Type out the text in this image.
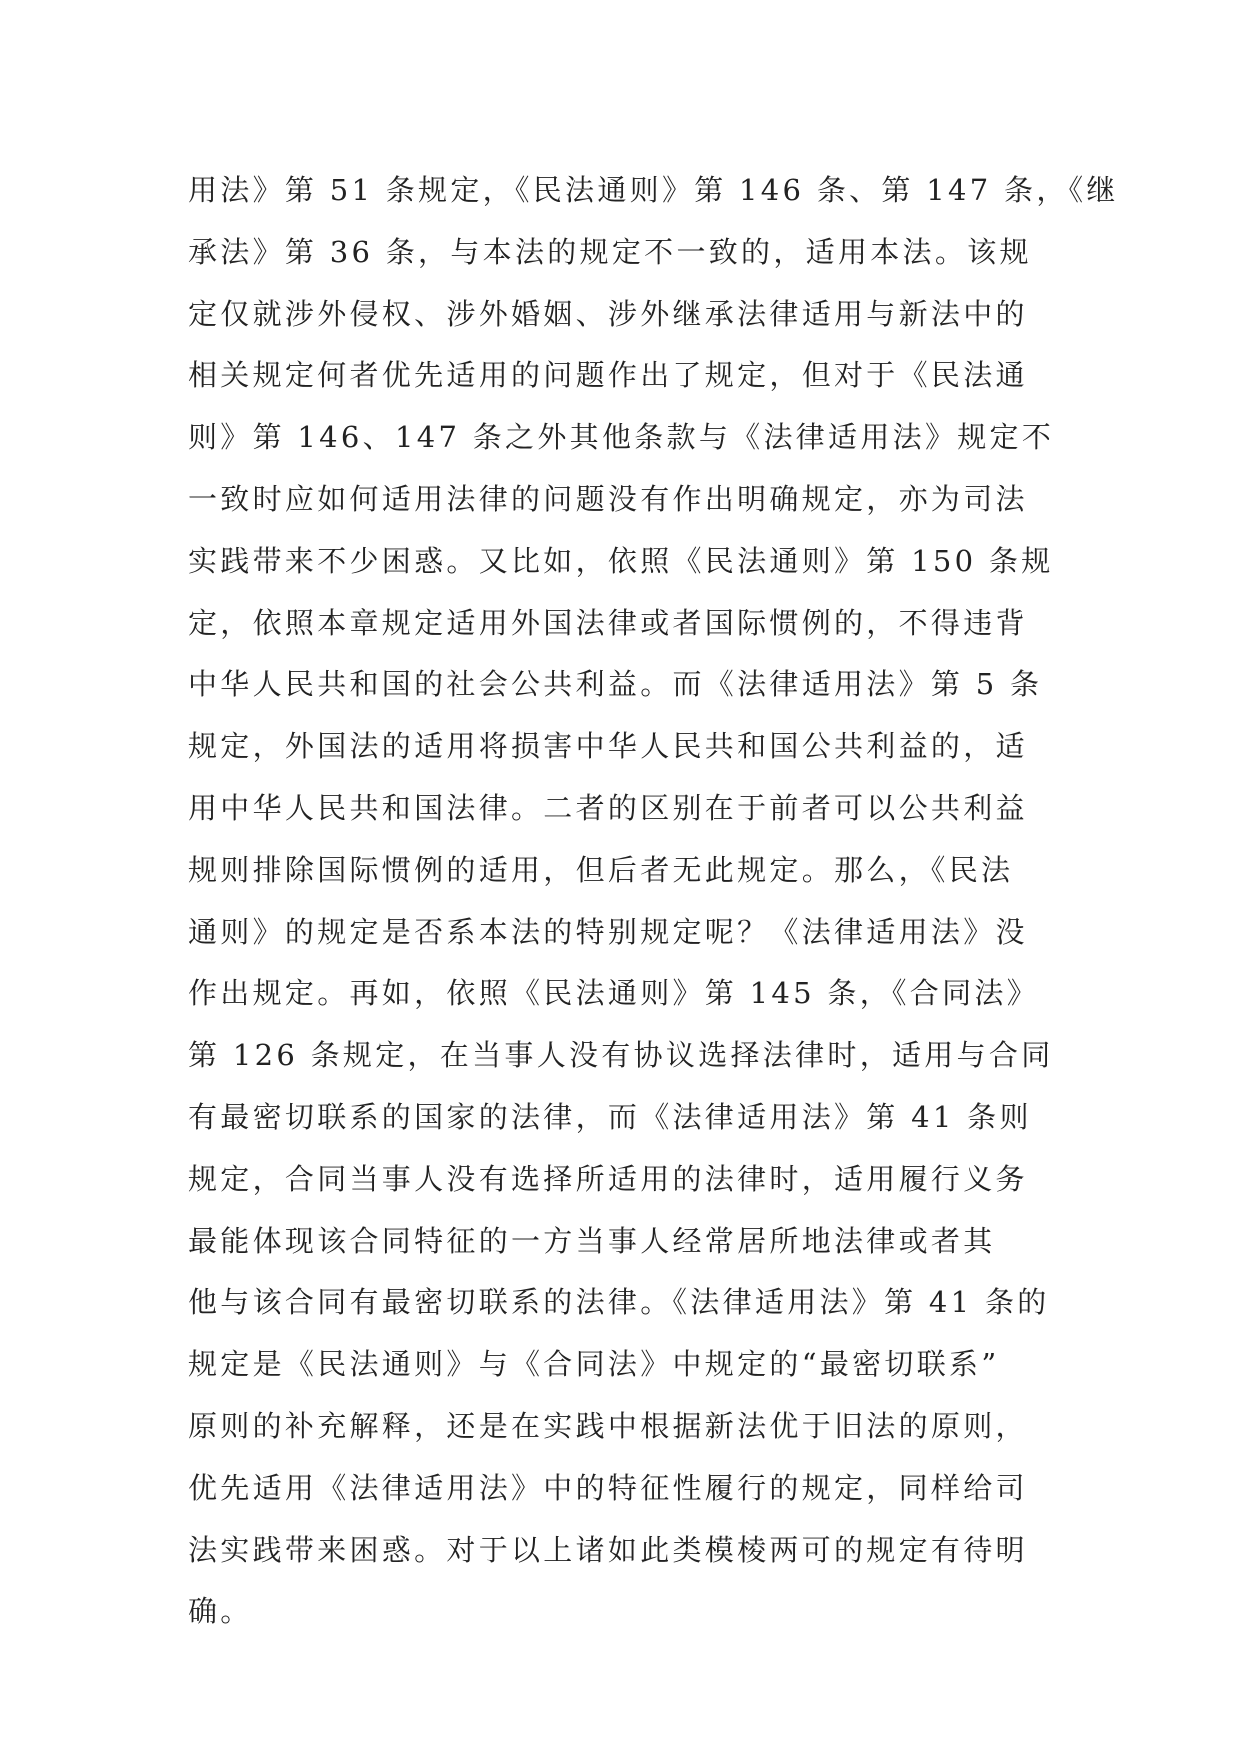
用法》第 51 条规定，《民法通则》第 146 条、第 147 条，《继
承法》第 36 条，与本法的规定不一致的，适用本法。该规
定仅就涉外侵权、涉外婚姻、涉外继承法律适用与新法中的
相关规定何者优先适用的问题作出了规定，但对于《民法通
则》第 146、147 条之外其他条款与《法律适用法》规定不
一致时应如何适用法律的问题没有作出明确规定，亦为司法
实践带来不少困惑。又比如，依照《民法通则》第 150 条规
定，依照本章规定适用外国法律或者国际惯例的，不得违背
中华人民共和国的社会公共利益。而《法律适用法》第 5 条
规定，外国法的适用将损害中华人民共和国公共利益的，适
用中华人民共和国法律。二者的区别在于前者可以公共利益
规则排除国际惯例的适用，但后者无此规定。那么，《民法
通则》的规定是否系本法的特别规定呢？《法律适用法》没
作出规定。再如，依照《民法通则》第 145 条，《合同法》
第 126 条规定，在当事人没有协议选择法律时，适用与合同
有最密切联系的国家的法律，而《法律适用法》第 41 条则
规定，合同当事人没有选择所适用的法律时，适用履行义务
最能体现该合同特征的一方当事人经常居所地法律或者其
他与该合同有最密切联系的法律。《法律适用法》第 41 条的
规定是《民法通则》与《合同法》中规定的“最密切联系”
原则的补充解释，还是在实践中根据新法优于旧法的原则，
优先适用《法律适用法》中的特征性履行的规定，同样给司
法实践带来困惑。对于以上诸如此类模棱两可的规定有待明
确。
